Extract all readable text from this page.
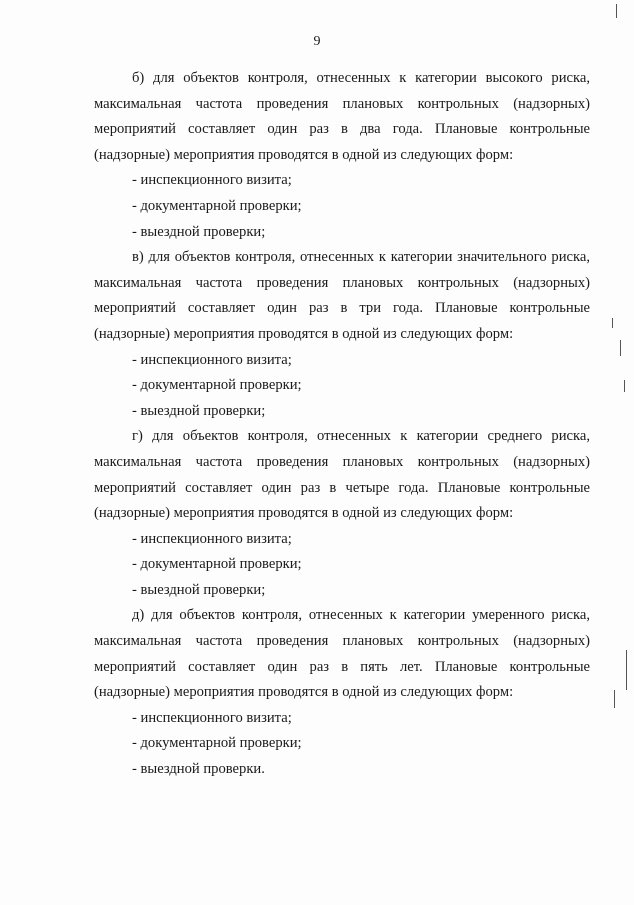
9

б) для объектов контроля, отнесенных к категории высокого риска, максимальная частота проведения плановых контрольных (надзорных) мероприятий составляет один раз в два года. Плановые контрольные (надзорные) мероприятия проводятся в одной из следующих форм:

- инспекционного визита;

- документарной проверки;

- выездной проверки;

в) для объектов контроля, отнесенных к категории значительного риска, максимальная частота проведения плановых контрольных (надзорных) мероприятий составляет один раз в три года. Плановые контрольные (надзорные) мероприятия проводятся в одной из следующих форм:

- инспекционного визита;

- документарной проверки;

- выездной проверки;

г) для объектов контроля, отнесенных к категории среднего риска, максимальная частота проведения плановых контрольных (надзорных) мероприятий составляет один раз в четыре года. Плановые контрольные (надзорные) мероприятия проводятся в одной из следующих форм:

- инспекционного визита;

- документарной проверки;

- выездной проверки;

д) для объектов контроля, отнесенных к категории умеренного риска, максимальная частота проведения плановых контрольных (надзорных) мероприятий составляет один раз в пять лет. Плановые контрольные (надзорные) мероприятия проводятся в одной из следующих форм:

- инспекционного визита;

- документарной проверки;

- выездной проверки.
